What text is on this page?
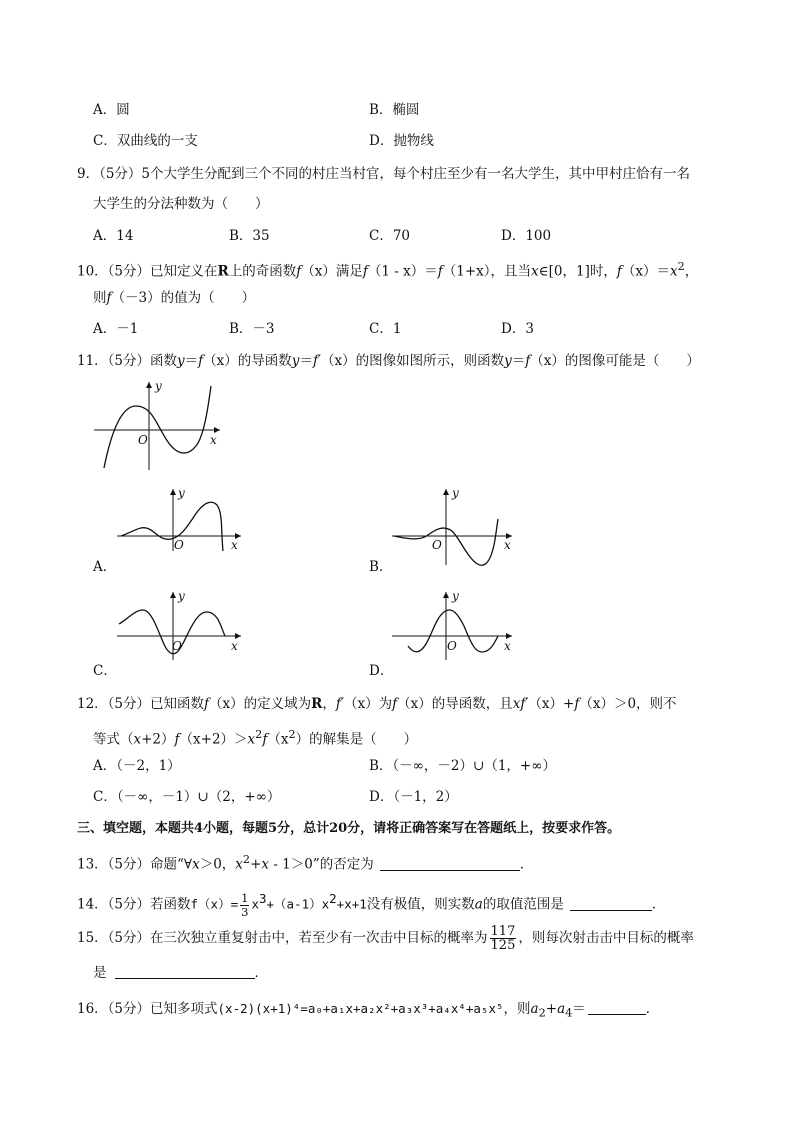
A．圆	B．椭圆
C．双曲线的一支	D．抛物线
9．（5分）5个大学生分配到三个不同的村庄当村官，每个村庄至少有一名大学生，其中甲村庄恰有一名
大学生的分法种数为（　　）
A．14	B．35	C．70	D．100
10．（5分）已知定义在R上的奇函数f（x）满足f（1 - x）＝f（1+x），且当x∈[0，1]时，$f(x)=x^2$，
则f（－3）的值为（　　）
A．－1	B．－3	C．1	D．3
11．（5分）函数y＝f（x）的导函数y＝f′（x）的图像如图所示，则函数y＝f（x）的图像可能是（　　）
y
x
O
A．
y
x
O
B．
y
x
O
C．
y
x
O
D．
y
x
O
12．（5分）已知函数f（x）的定义域为R，f′（x）为f（x）的导函数，且xf′（x）+f（x）＞0，则不
等式$(x+2)f(x+2)>x^2f(x^2)$的解集是（　　）
A．（－2，1）	B．（－∞，－2）∪（1，+∞）
C．（－∞，－1）∪（2，+∞）	D．（－1，2）
三、填空题，本题共4小题，每题5分，总计20分，请将正确答案写在答题纸上，按要求作答。
13．（5分）命题“∀x＞0，$x^2+x - 1>0$”的否定为	．
14．（5分）若函数$f(x)= \frac{1}{3} x^3+(a-1)x^2+x+1$没有极值，则实数a的取值范围是	．
15．（5分）在三次独立重复射击中，若至少有一次击中目标的概率为 $\frac{117}{125}$ ，则每次射击击中目标的概率
是	．
16．（5分）已知多项式(x-2)(x+1)⁴=a₀+a₁x+a₂x²+a₃x³+a₄x⁴+a₅x⁵，则$a_2+a_4=$	．
